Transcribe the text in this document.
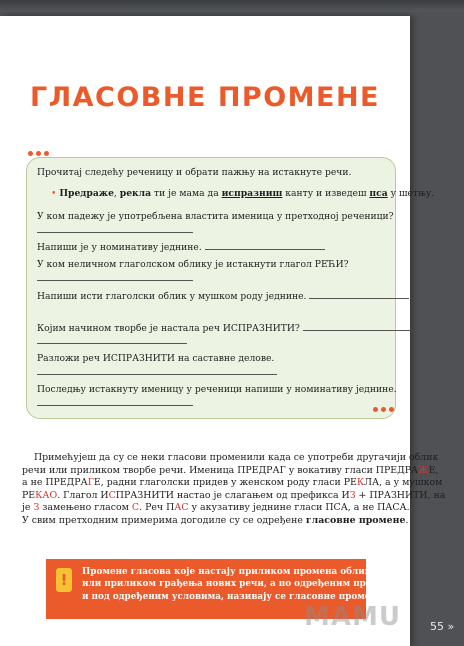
ГЛАСОВНЕ ПРОМЕНЕ

Прочитај следећу реченицу и обрати пажњу на истакнуте речи.

• Предраже, рекла ти је мама да испразниш канту и изведеш пса у шетњу.

У ком падежу је употребљена властита именица у претходној реченици?
Напиши је у номинативу једнине.
У ком неличном глаголском облику је истакнути глагол РЕЋИ?
Напиши исти глаголски облик у мушком роду једнине.
Којим начином творбе је настала реч ИСПРАЗНИТИ?
Разложи реч ИСПРАЗНИТИ на саставне делове.
Последњу истакнуту именицу у реченици напиши у номинативу једнине.

Примећујеш да су се неки гласови променили када се употреби другачији облик

речи или приликом творбе речи. Именица ПРЕДРАГ у вокативу гласи ПРЕДРАЖЕ,

а не ПРЕДРАГЕ, радни глаголски придев у женском роду гласи РЕКЛА, а у мушком

РЕКАО. Глагол ИСПРАЗНИТИ настао је слагањем од префикса ИЗ + ПРАЗНИТИ, на

је З замењено гласом С. Реч ПАС у акузативу једнине гласи ПСА, а не ПАСА.

У свим претходним примерима догодиле су се одређене гласовне промене.

!	Промене гласова које настају приликом промена облика речи

или приликом грађења нових речи, а по одређеним правилима

и под одређеним условима, називају се гласовне промене.

MAMU	55 »
